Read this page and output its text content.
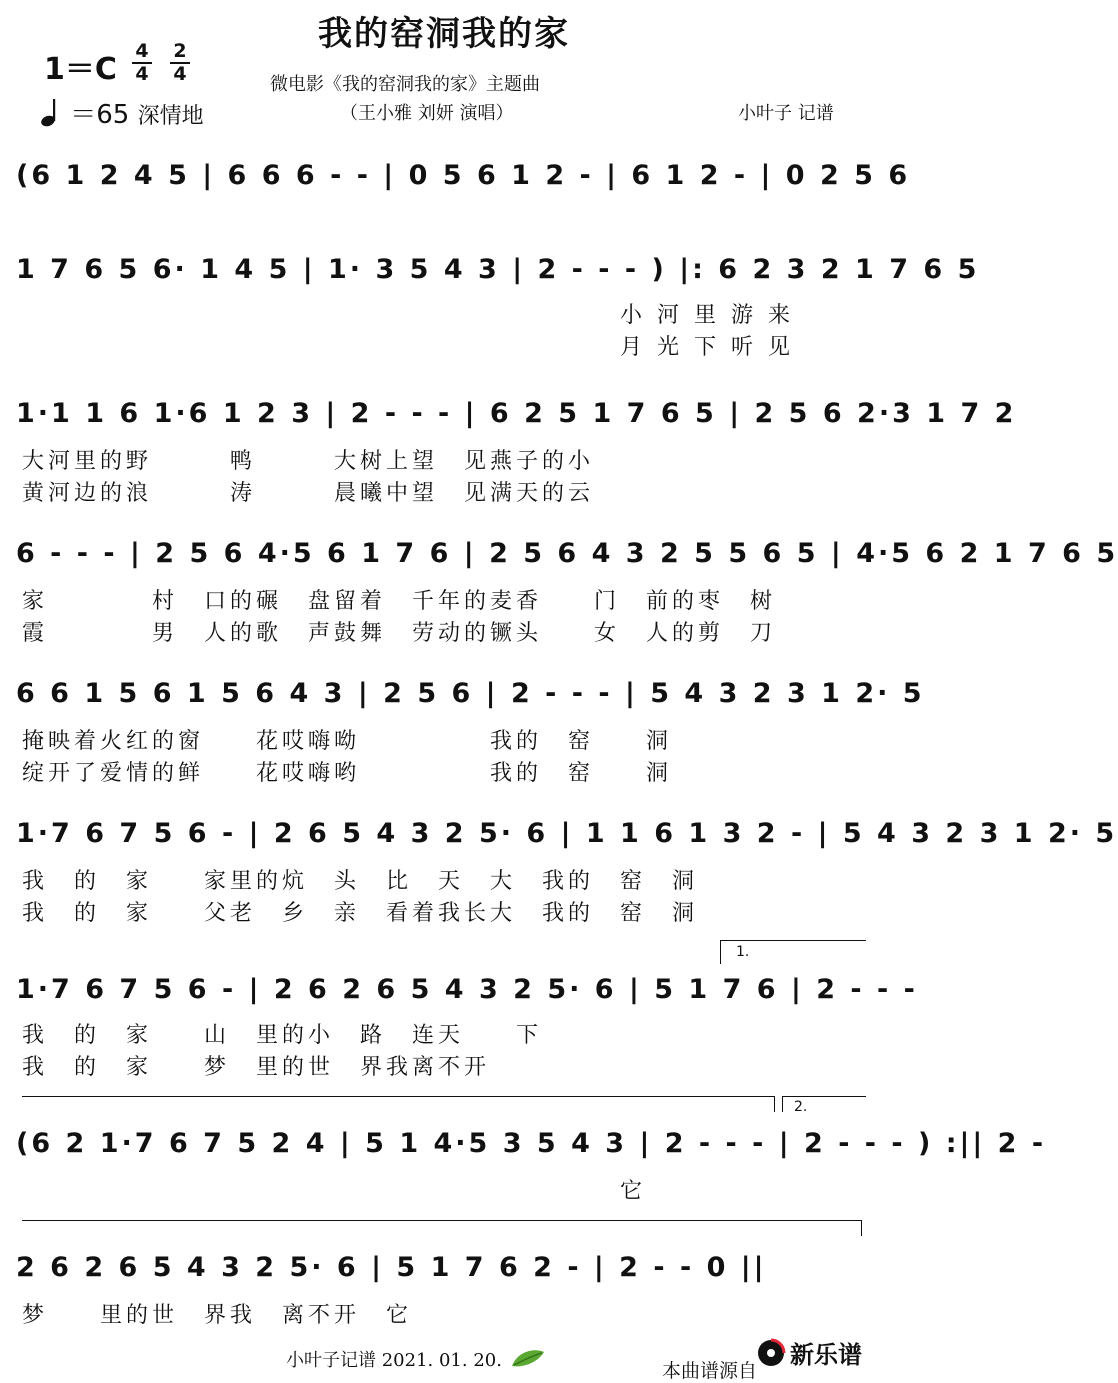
我的窑洞我的家
1＝C
4
4
2
4
＝65 深情地
微电影《我的窑洞我的家》主题曲
（王小雅 刘妍 演唱）	小叶子 记谱
(6 1 2 4 5 | 6 6 6 - - | 0 5 6 1 2 - | 6 1 2 - | 0 2 5 6
1 7 6 5 6· 1 4 5 | 1· 3 5 4 3 | 2 - - - ) |: 6 2 3 2 1 7 6 5
小 河 里 游 来
月 光 下 听 见
1·1 1 6 1·6 1 2 3 | 2 - - - | 6 2 5 1 7 6 5 | 2 5 6 2·3 1 7 2
大河里的野　　　鸭　　　大树上望　见燕子的小
黄河边的浪　　　涛　　　晨曦中望　见满天的云
6 - - - | 2 5 6 4·5 6 1 7 6 | 2 5 6 4 3 2 5 5 6 5 | 4·5 6 2 1 7 6 5
家　　　　村　口的碾　盘留着　千年的麦香　　门　前的枣　树
霞　　　　男　人的歌　声鼓舞　劳动的镢头　　女　人的剪　刀
6 6 1 5 6 1 5 6 4 3 | 2 5 6 | 2 - - - | 5 4 3 2 3 1 2· 5
掩映着火红的窗　　花哎嗨呦　　　　　我的　窑　　洞
绽开了爱情的鲜　　花哎嗨哟　　　　　我的　窑　　洞
1·7 6 7 5 6 - | 2 6 5 4 3 2 5· 6 | 1 1 6 1 3 2 - | 5 4 3 2 3 1 2· 5
我　的　家　　家里的炕　头　比　天　大　我的　窑　洞
我　的　家　　父老　乡　亲　看着我长大　我的　窑　洞
1.
1·7 6 7 5 6 - | 2 6 2 6 5 4 3 2 5· 6 | 5 1 7 6 | 2 - - -
我　的　家　　山　里的小　路　连天　　下
我　的　家　　梦　里的世　界我离不开
2.
(6 2 1·7 6 7 5 2 4 | 5 1 4·5 3 5 4 3 | 2 - - - | 2 - - - ) :|| 2 -
　　　　　　　　　　　　　　　　　　　　　　　它
2 6 2 6 5 4 3 2 5· 6 | 5 1 7 6 2 - | 2 - - 0 ||
梦　　里的世　界我　离不开　它
小叶子记谱 2021. 01. 20.	新乐谱
本曲谱源自
